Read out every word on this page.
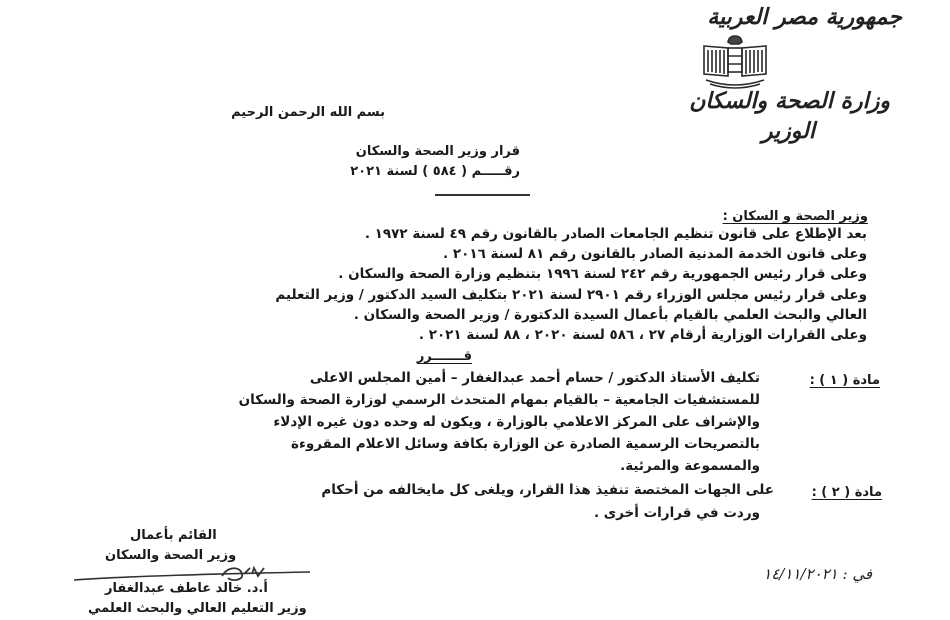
جمهورية مصر العربية
وزارة الصحة والسكان
الوزير
بسم الله الرحمن الرحيم
قرار وزير الصحة والسكان
رقـــــم ( ٥٨٤ ) لسنة ٢٠٢١
وزير الصحة و السكان :
بعد الإطلاع على قانون تنظيم الجامعات الصادر بالقانون رقم ٤٩ لسنة ١٩٧٢ .
وعلى قانون الخدمة المدنية الصادر بالقانون رقم ٨١ لسنة ٢٠١٦ .
وعلى قرار رئيس الجمهورية رقم ٢٤٢ لسنة ١٩٩٦ بتنظيم وزارة الصحة والسكان .
وعلى قرار رئيس مجلس الوزراء رقم ٢٩٠١ لسنة ٢٠٢١ بتكليف السيد الدكتور / وزير التعليم
العالي والبحث العلمي بالقيام بأعمال السيدة الدكتورة / وزير الصحة والسكان .
وعلى القرارات الوزارية أرقام ٢٧ ، ٥٨٦ لسنة ٢٠٢٠ ، ٨٨ لسنة ٢٠٢١ .
قـــــــرر
مادة ( ١ ) :
تكليف الأستاذ الدكتور / حسام أحمد عبدالغفار – أمين المجلس الاعلى
للمستشفيات الجامعية – بالقيام بمهام المتحدث الرسمي لوزارة الصحة والسكان
والإشراف على المركز الاعلامي بالوزارة ، ويكون له وحده دون غيره الإدلاء
بالتصريحات الرسمية الصادرة عن الوزارة بكافة وسائل الاعلام المقروءة
والمسموعة والمرئية.
مادة ( ٢ ) :
على الجهات المختصة تنفيذ هذا القرار، ويلغى كل مايخالفه من أحكام
وردت في قرارات أخرى .
القائم بأعمال
وزير الصحة والسكان
أ.د. خالد عاطف عبدالغفار
وزير التعليم العالي والبحث العلمي
في : ١٤/١١/٢٠٢١
